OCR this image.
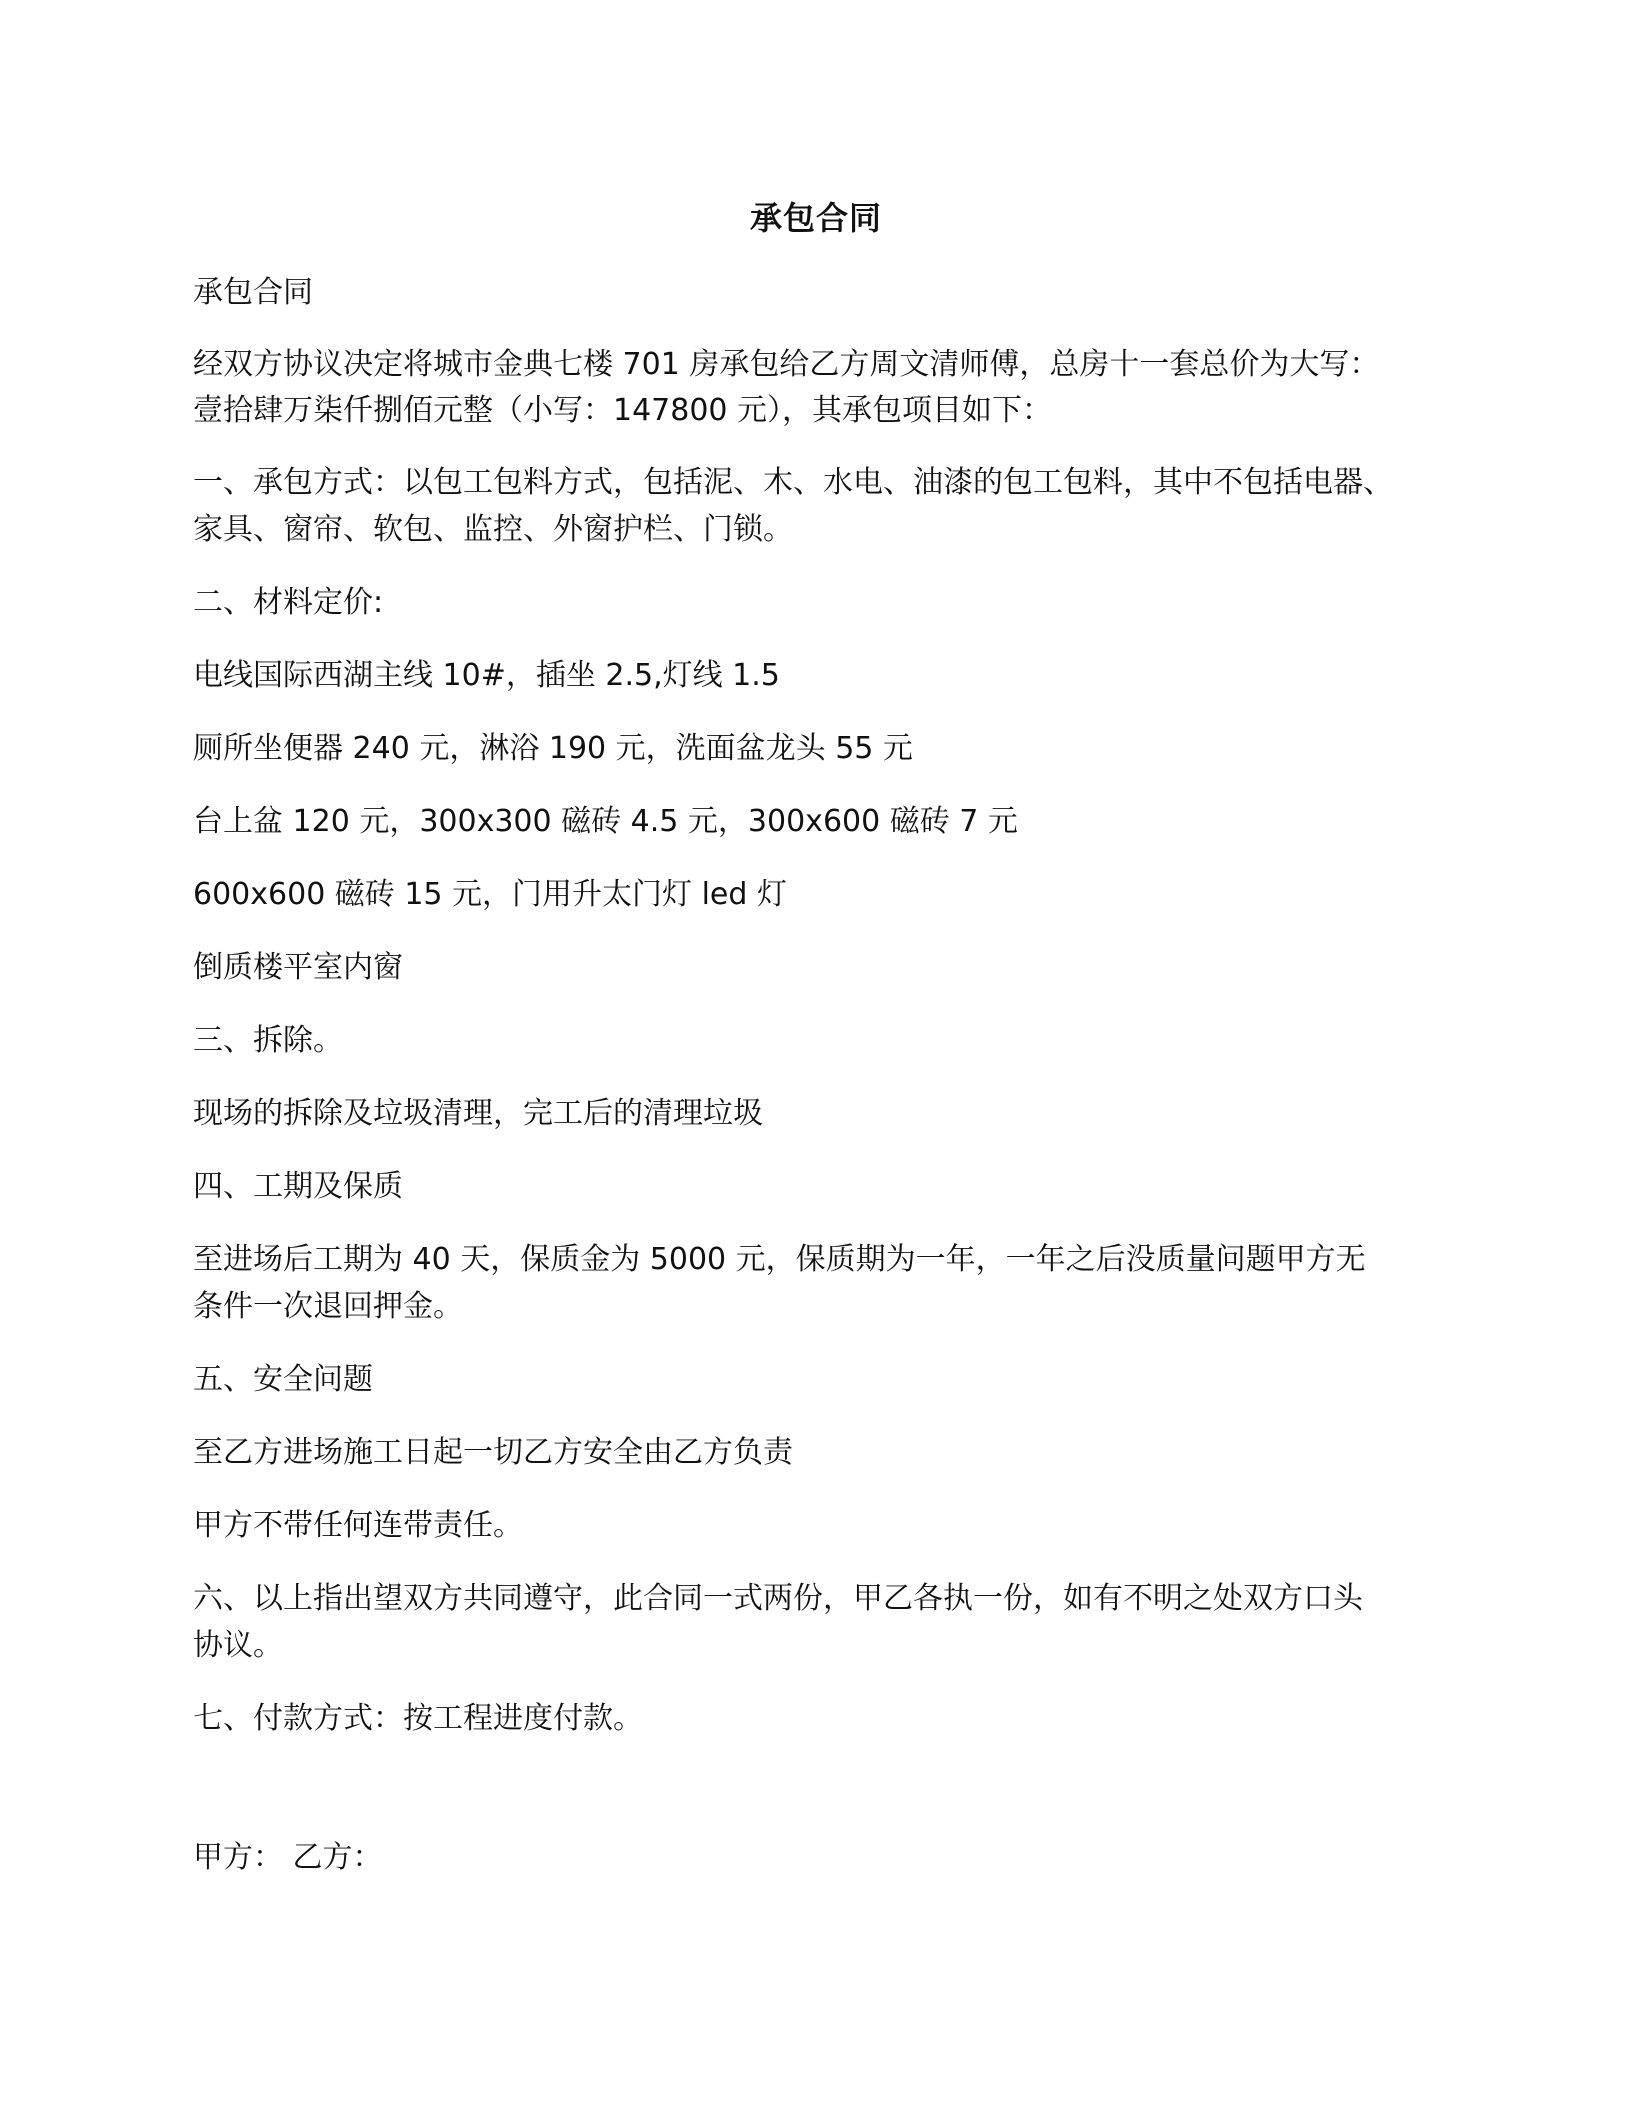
承包合同
承包合同
经双方协议决定将城市金典七楼 701 房承包给乙方周文清师傅，总房十一套总价为大写：
壹拾肆万柒仟捌佰元整（小写：147800 元），其承包项目如下：
一、承包方式：以包工包料方式，包括泥、木、水电、油漆的包工包料，其中不包括电器、
家具、窗帘、软包、监控、外窗护栏、门锁。
二、材料定价:
电线国际西湖主线 10#，插坐 2.5,灯线 1.5
厕所坐便器 240 元，淋浴 190 元，洗面盆龙头 55 元
台上盆 120 元，300x300 磁砖 4.5 元，300x600 磁砖 7 元
600x600 磁砖 15 元，门用升太门灯 led 灯
倒质楼平室内窗
三、拆除。
现场的拆除及垃圾清理，完工后的清理垃圾
四、工期及保质
至进场后工期为 40 天，保质金为 5000 元，保质期为一年，一年之后没质量问题甲方无
条件一次退回押金。
五、安全问题
至乙方进场施工日起一切乙方安全由乙方负责
甲方不带任何连带责任。
六、以上指出望双方共同遵守，此合同一式两份，甲乙各执一份，如有不明之处双方口头
协议。
七、付款方式：按工程进度付款。
甲方： 乙方：
